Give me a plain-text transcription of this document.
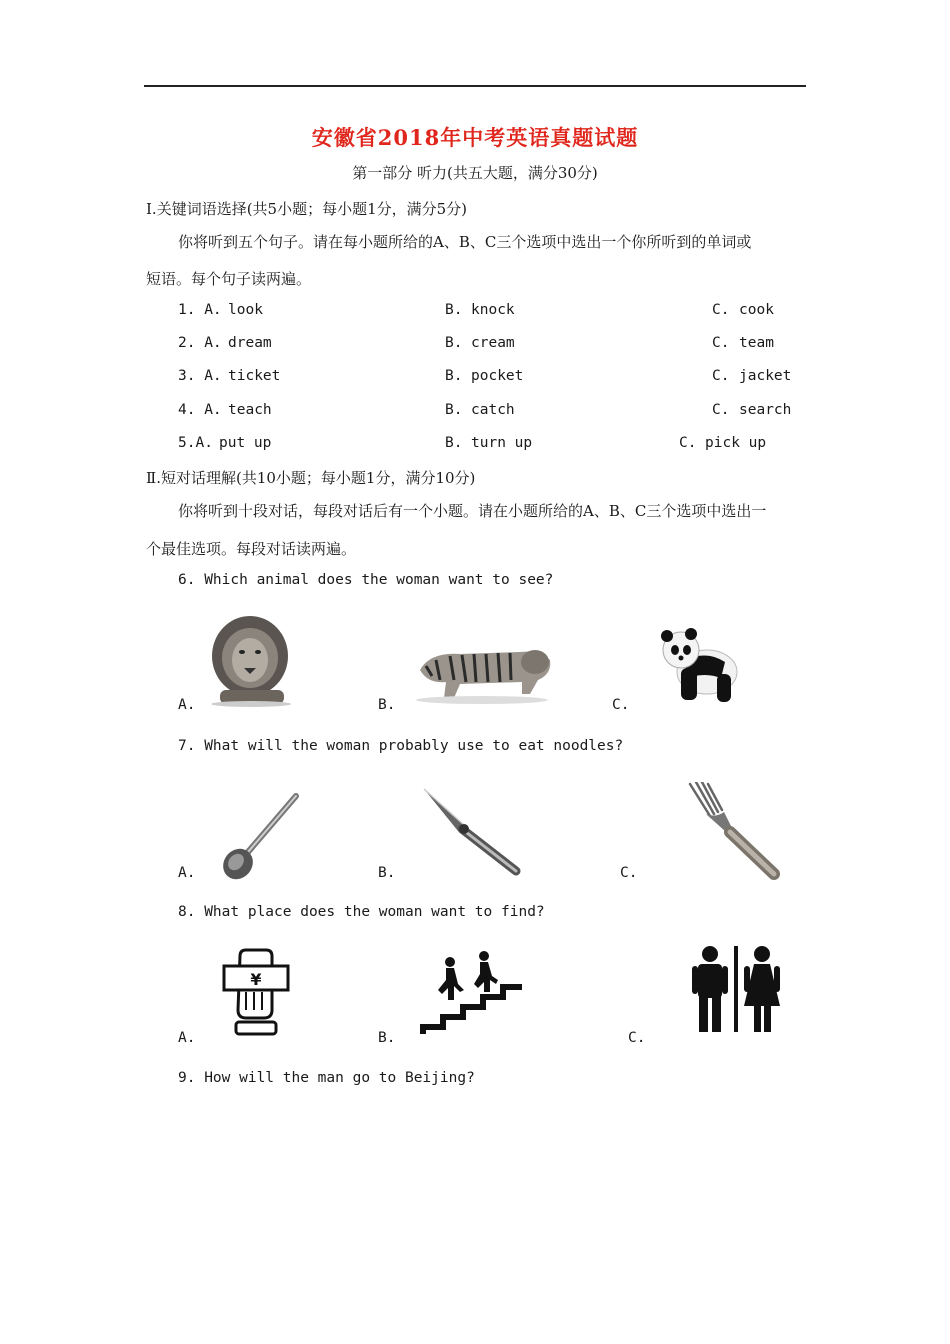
安徽省2018年中考英语真题试题
第一部分 听力(共五大题，满分30分)
Ⅰ.关键词语选择(共5小题；每小题1分，满分5分)
你将听到五个句子。请在每小题所给的A、B、C三个选项中选出一个你所听到的单词或
短语。每个句子读两遍。
1. A. look	B. knock	C. cook
2. A. dream	B. cream	C. team
3. A. ticket	B. pocket	C. jacket
4. A. teach	B. catch	C. search
5.A. put up	B. turn up	C. pick up
Ⅱ.短对话理解(共10小题；每小题1分，满分10分)
你将听到十段对话，每段对话后有一个小题。请在小题所给的A、B、C三个选项中选出一
个最佳选项。每段对话读两遍。
6. Which animal does the woman want to see?
A.	B.	C.
7. What will the woman probably use to eat noodles?
A.	B.	C.
8. What place does the woman want to find?
A.	B.	C.
¥
9. How will the man go to Beijing?
